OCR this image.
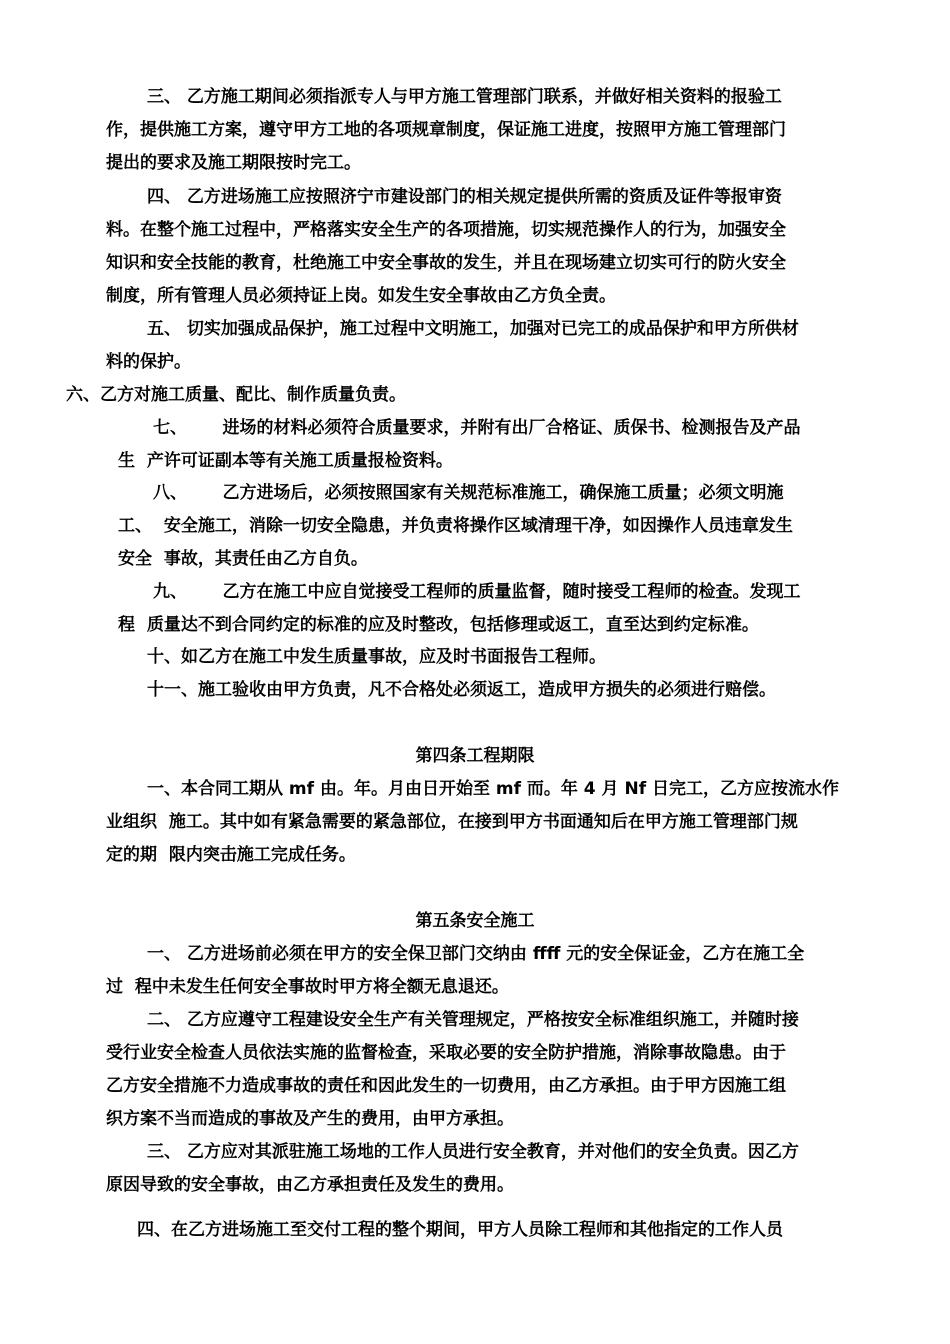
三、 乙方施工期间必须指派专人与甲方施工管理部门联系，并做好相关资料的报验工
作，提供施工方案，遵守甲方工地的各项规章制度，保证施工进度，按照甲方施工管理部门
提出的要求及施工期限按时完工。
四、 乙方进场施工应按照济宁市建设部门的相关规定提供所需的资质及证件等报审资
料。在整个施工过程中，严格落实安全生产的各项措施，切实规范操作人的行为，加强安全
知识和安全技能的教育，杜绝施工中安全事故的发生，并且在现场建立切实可行的防火安全
制度，所有管理人员必须持证上岗。如发生安全事故由乙方负全责。
五、 切实加强成品保护，施工过程中文明施工，加强对已完工的成品保护和甲方所供材
料的保护。
六、乙方对施工质量、配比、制作质量负责。
七、      进场的材料必须符合质量要求，并附有出厂合格证、质保书、检测报告及产品
生  产许可证副本等有关施工质量报检资料。
八、      乙方进场后，必须按照国家有关规范标准施工，确保施工质量；必须文明施
工、  安全施工，消除一切安全隐患，并负责将操作区域清理干净，如因操作人员违章发生
安全  事故，其责任由乙方自负。
九、      乙方在施工中应自觉接受工程师的质量监督，随时接受工程师的检查。发现工
程  质量达不到合同约定的标准的应及时整改，包括修理或返工，直至达到约定标准。
十、如乙方在施工中发生质量事故，应及时书面报告工程师。
十一、施工验收由甲方负责，凡不合格处必须返工，造成甲方损失的必须进行赔偿。
第四条工程期限
一、本合同工期从 mf 由。年。月由日开始至 mf 而。年 4 月 Nf 日完工，乙方应按流水作
业组织  施工。其中如有紧急需要的紧急部位，在接到甲方书面通知后在甲方施工管理部门规
定的期  限内突击施工完成任务。
第五条安全施工
一、 乙方进场前必须在甲方的安全保卫部门交纳由 ffff 元的安全保证金，乙方在施工全
过  程中未发生任何安全事故时甲方将全额无息退还。
二、 乙方应遵守工程建设安全生产有关管理规定，严格按安全标准组织施工，并随时接
受行业安全检查人员依法实施的监督检查，采取必要的安全防护措施，消除事故隐患。由于
乙方安全措施不力造成事故的责任和因此发生的一切费用，由乙方承担。由于甲方因施工组
织方案不当而造成的事故及产生的费用，由甲方承担。
三、 乙方应对其派驻施工场地的工作人员进行安全教育，并对他们的安全负责。因乙方
原因导致的安全事故，由乙方承担责任及发生的费用。
四、在乙方进场施工至交付工程的整个期间，甲方人员除工程师和其他指定的工作人员
